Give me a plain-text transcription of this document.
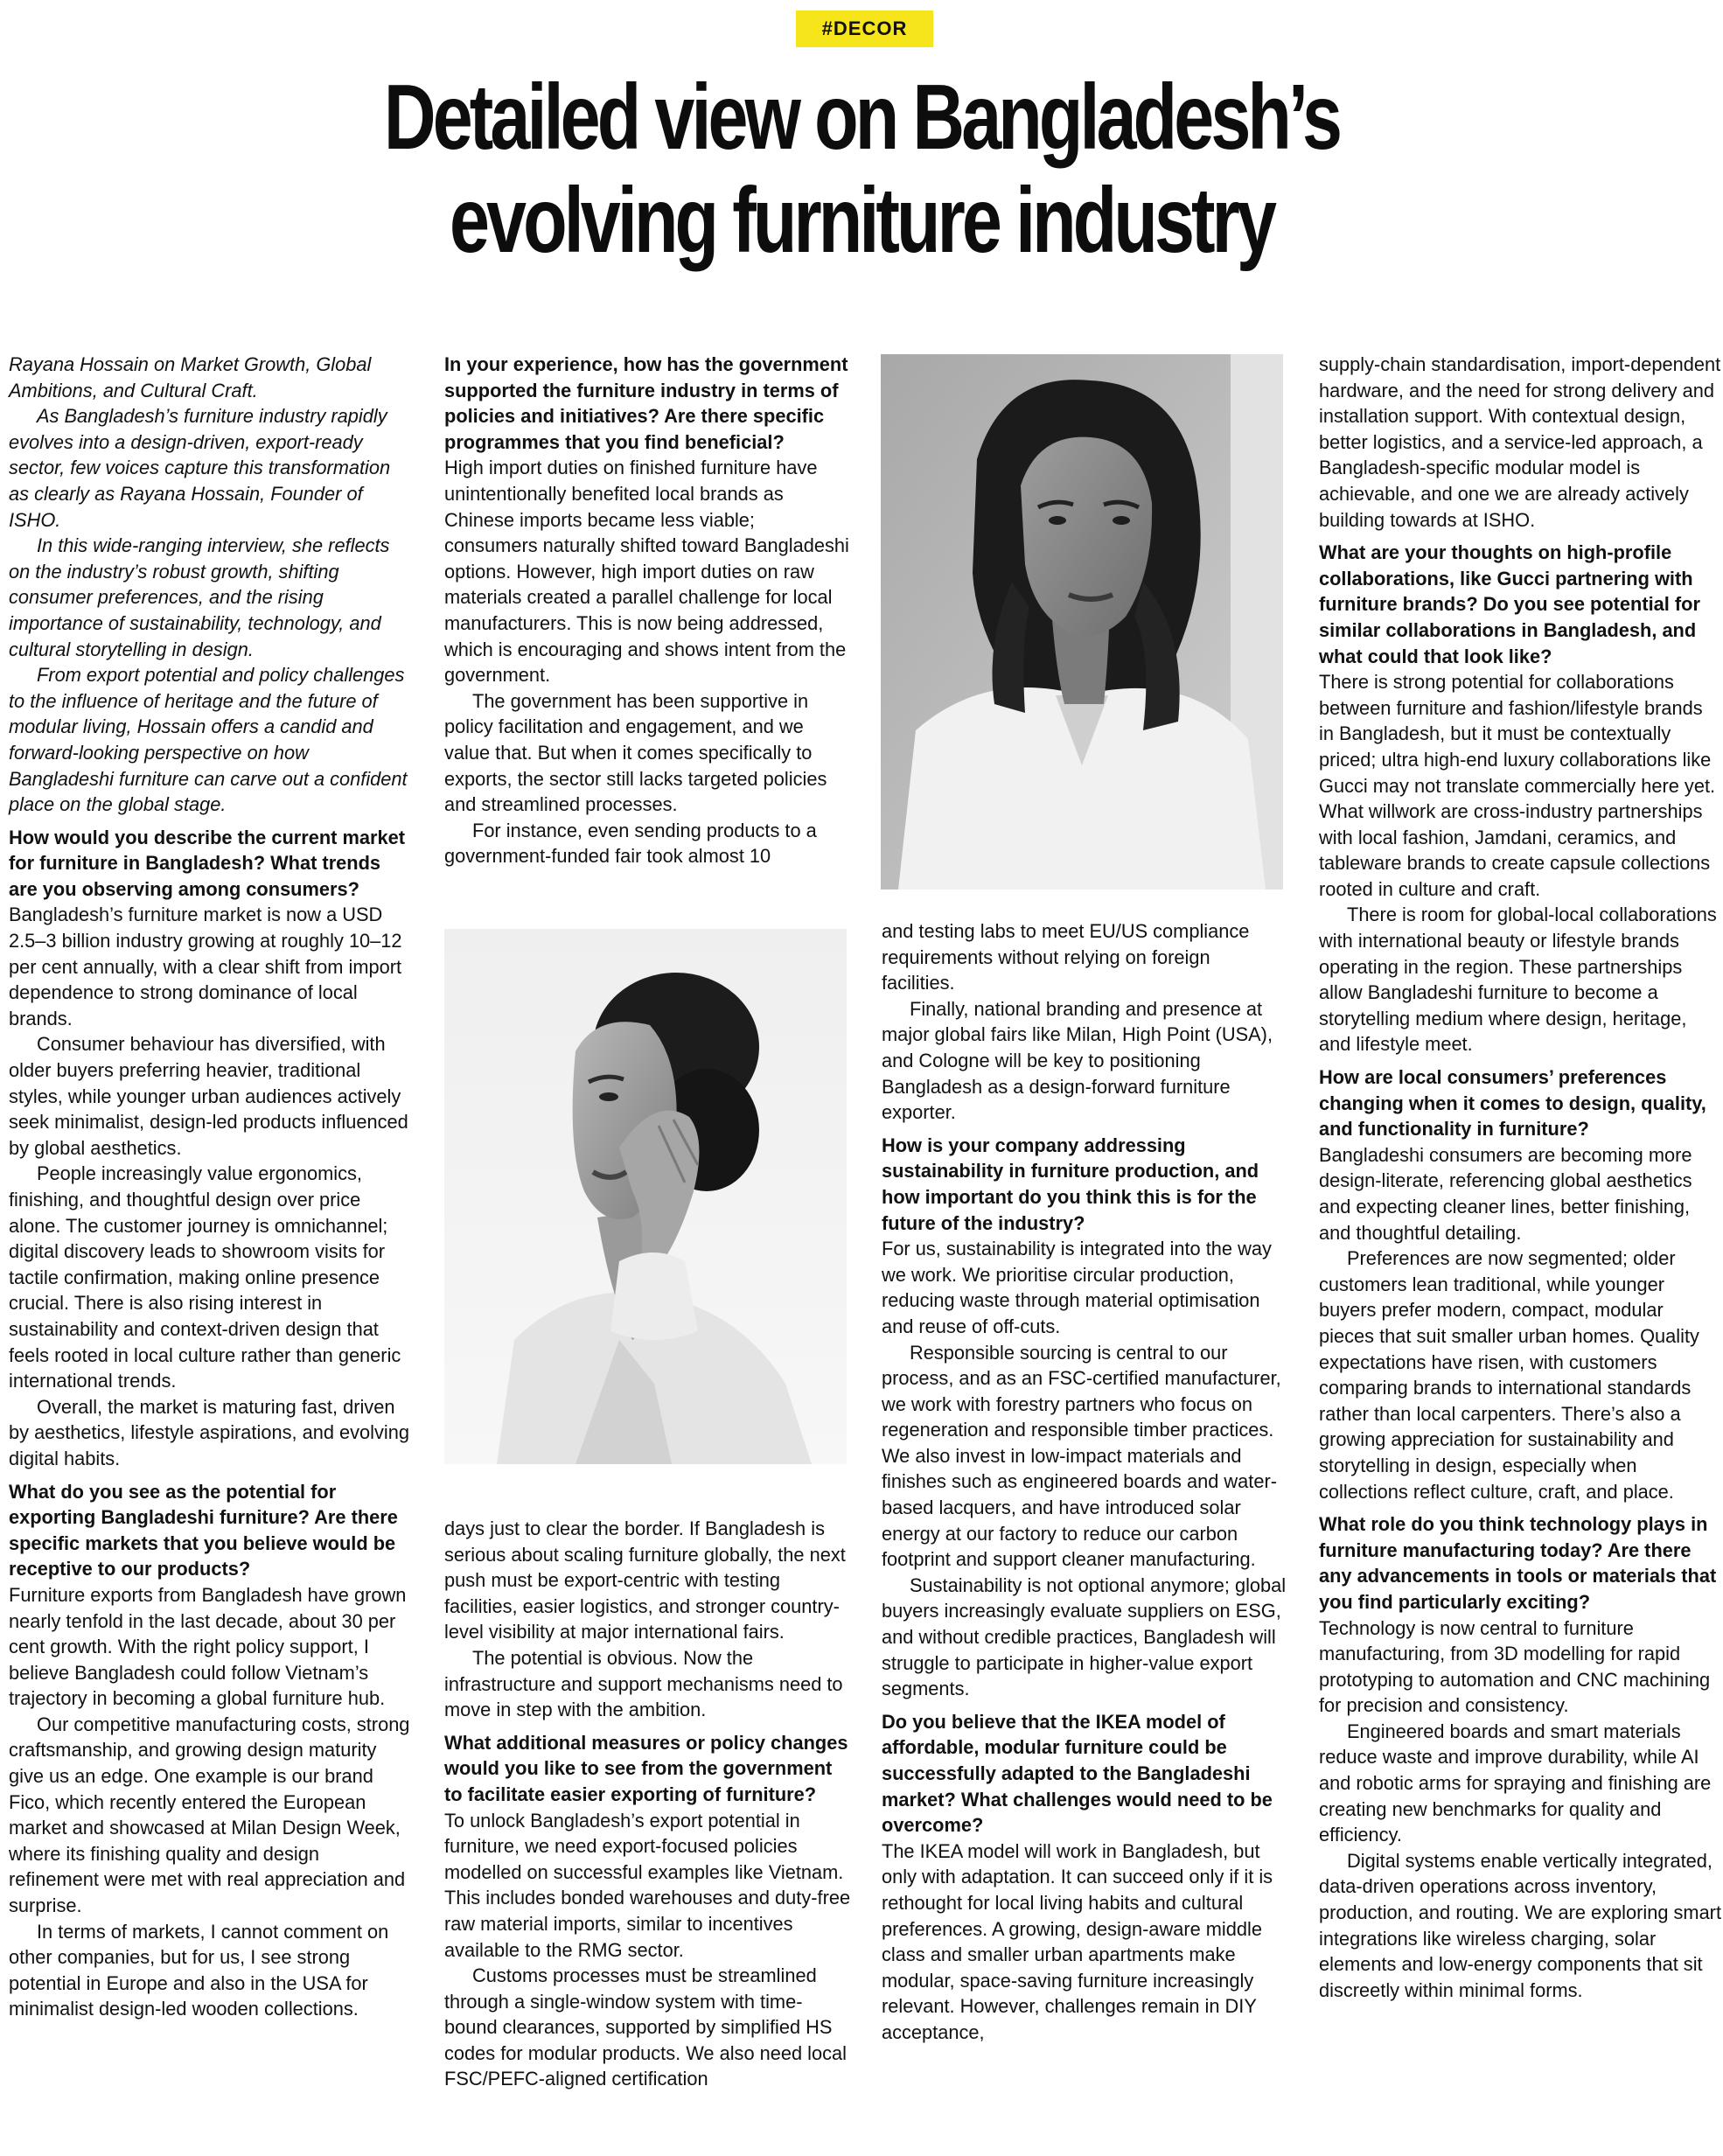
#DECOR
Detailed view on Bangladesh’s
evolving furniture industry

Rayana Hossain on Market Growth, Global Ambitions, and Cultural Craft.

As Bangladesh’s furniture industry rapidly evolves into a design-driven, export-ready sector, few voices capture this transformation as clearly as Rayana Hossain, Founder of ISHO.

In this wide-ranging interview, she reflects on the industry’s robust growth, shifting consumer preferences, and the rising importance of sustainability, technology, and cultural storytelling in design.

From export potential and policy challenges to the influence of heritage and the future of modular living, Hossain offers a candid and forward-looking perspective on how Bangladeshi furniture can carve out a confident place on the global stage.

How would you describe the current market for furniture in Bangladesh? What trends are you observing among consumers?

Bangladesh’s furniture market is now a USD 2.5–3 billion industry growing at roughly 10–12 per cent annually, with a clear shift from import dependence to strong dominance of local brands.

Consumer behaviour has diversified, with older buyers preferring heavier, traditional styles, while younger urban audiences actively seek minimalist, design-led products influenced by global aesthetics.

People increasingly value ergonomics, finishing, and thoughtful design over price alone. The customer journey is omnichannel; digital discovery leads to showroom visits for tactile confirmation, making online presence crucial. There is also rising interest in sustainability and context-driven design that feels rooted in local culture rather than generic international trends.

Overall, the market is maturing fast, driven by aesthetics, lifestyle aspirations, and evolving digital habits.

What do you see as the potential for exporting Bangladeshi furniture? Are there specific markets that you believe would be receptive to our products?

Furniture exports from Bangladesh have grown nearly tenfold in the last decade, about 30 per cent growth. With the right policy support, I believe Bangladesh could follow Vietnam’s trajectory in becoming a global furniture hub.

Our competitive manufacturing costs, strong craftsmanship, and growing design maturity give us an edge. One example is our brand Fico, which recently entered the European market and showcased at Milan Design Week, where its finishing quality and design refinement were met with real appreciation and surprise.

In terms of markets, I cannot comment on other companies, but for us, I see strong potential in Europe and also in the USA for minimalist design-led wooden collections.

In your experience, how has the government supported the furniture industry in terms of policies and initiatives? Are there specific programmes that you find beneficial?

High import duties on finished furniture have unintentionally benefited local brands as Chinese imports became less viable; consumers naturally shifted toward Bangladeshi options. However, high import duties on raw materials created a parallel challenge for local manufacturers. This is now being addressed, which is encouraging and shows intent from the government.

The government has been supportive in policy facilitation and engagement, and we value that. But when it comes specifically to exports, the sector still lacks targeted policies and streamlined processes.

For instance, even sending products to a government-funded fair took almost 10

days just to clear the border. If Bangladesh is serious about scaling furniture globally, the next push must be export-centric with testing facilities, easier logistics, and stronger country-level visibility at major international fairs.

The potential is obvious. Now the infrastructure and support mechanisms need to move in step with the ambition.

What additional measures or policy changes would you like to see from the government to facilitate easier exporting of furniture?

To unlock Bangladesh’s export potential in furniture, we need export-focused policies modelled on successful examples like Vietnam. This includes bonded warehouses and duty-free raw material imports, similar to incentives available to the RMG sector.

Customs processes must be streamlined through a single-window system with time-bound clearances, supported by simplified HS codes for modular products. We also need local FSC/PEFC-aligned certification

and testing labs to meet EU/US compliance requirements without relying on foreign facilities.

Finally, national branding and presence at major global fairs like Milan, High Point (USA), and Cologne will be key to positioning Bangladesh as a design-forward furniture exporter.

How is your company addressing sustainability in furniture production, and how important do you think this is for the future of the industry?

For us, sustainability is integrated into the way we work. We prioritise circular production, reducing waste through material optimisation and reuse of off-cuts.

Responsible sourcing is central to our process, and as an FSC-certified manufacturer, we work with forestry partners who focus on regeneration and responsible timber practices. We also invest in low-impact materials and finishes such as engineered boards and water-based lacquers, and have introduced solar energy at our factory to reduce our carbon footprint and support cleaner manufacturing.

Sustainability is not optional anymore; global buyers increasingly evaluate suppliers on ESG, and without credible practices, Bangladesh will struggle to participate in higher-value export segments.

Do you believe that the IKEA model of affordable, modular furniture could be successfully adapted to the Bangladeshi market? What challenges would need to be overcome?

The IKEA model will work in Bangladesh, but only with adaptation. It can succeed only if it is rethought for local living habits and cultural preferences. A growing, design-aware middle class and smaller urban apartments make modular, space-saving furniture increasingly relevant. However, challenges remain in DIY acceptance,

supply-chain standardisation, import-dependent hardware, and the need for strong delivery and installation support. With contextual design, better logistics, and a service-led approach, a Bangladesh-specific modular model is achievable, and one we are already actively building towards at ISHO.

What are your thoughts on high-profile collaborations, like Gucci partnering with furniture brands? Do you see potential for similar collaborations in Bangladesh, and what could that look like?

There is strong potential for collaborations between furniture and fashion/lifestyle brands in Bangladesh, but it must be contextually priced; ultra high-end luxury collaborations like Gucci may not translate commercially here yet. What willwork are cross-industry partnerships with local fashion, Jamdani, ceramics, and tableware brands to create capsule collections rooted in culture and craft.

There is room for global-local collaborations with international beauty or lifestyle brands operating in the region. These partnerships allow Bangladeshi furniture to become a storytelling medium where design, heritage, and lifestyle meet.

How are local consumers’ preferences changing when it comes to design, quality, and functionality in furniture?

Bangladeshi consumers are becoming more design-literate, referencing global aesthetics and expecting cleaner lines, better finishing, and thoughtful detailing.

Preferences are now segmented; older customers lean traditional, while younger buyers prefer modern, compact, modular pieces that suit smaller urban homes. Quality expectations have risen, with customers comparing brands to international standards rather than local carpenters. There’s also a growing appreciation for sustainability and storytelling in design, especially when collections reflect culture, craft, and place.

What role do you think technology plays in furniture manufacturing today? Are there any advancements in tools or materials that you find particularly exciting?

Technology is now central to furniture manufacturing, from 3D modelling for rapid prototyping to automation and CNC machining for precision and consistency.

Engineered boards and smart materials reduce waste and improve durability, while AI and robotic arms for spraying and finishing are creating new benchmarks for quality and efficiency.

Digital systems enable vertically integrated, data-driven operations across inventory, production, and routing. We are exploring smart integrations like wireless charging, solar elements and low-energy components that sit discreetly within minimal forms.
